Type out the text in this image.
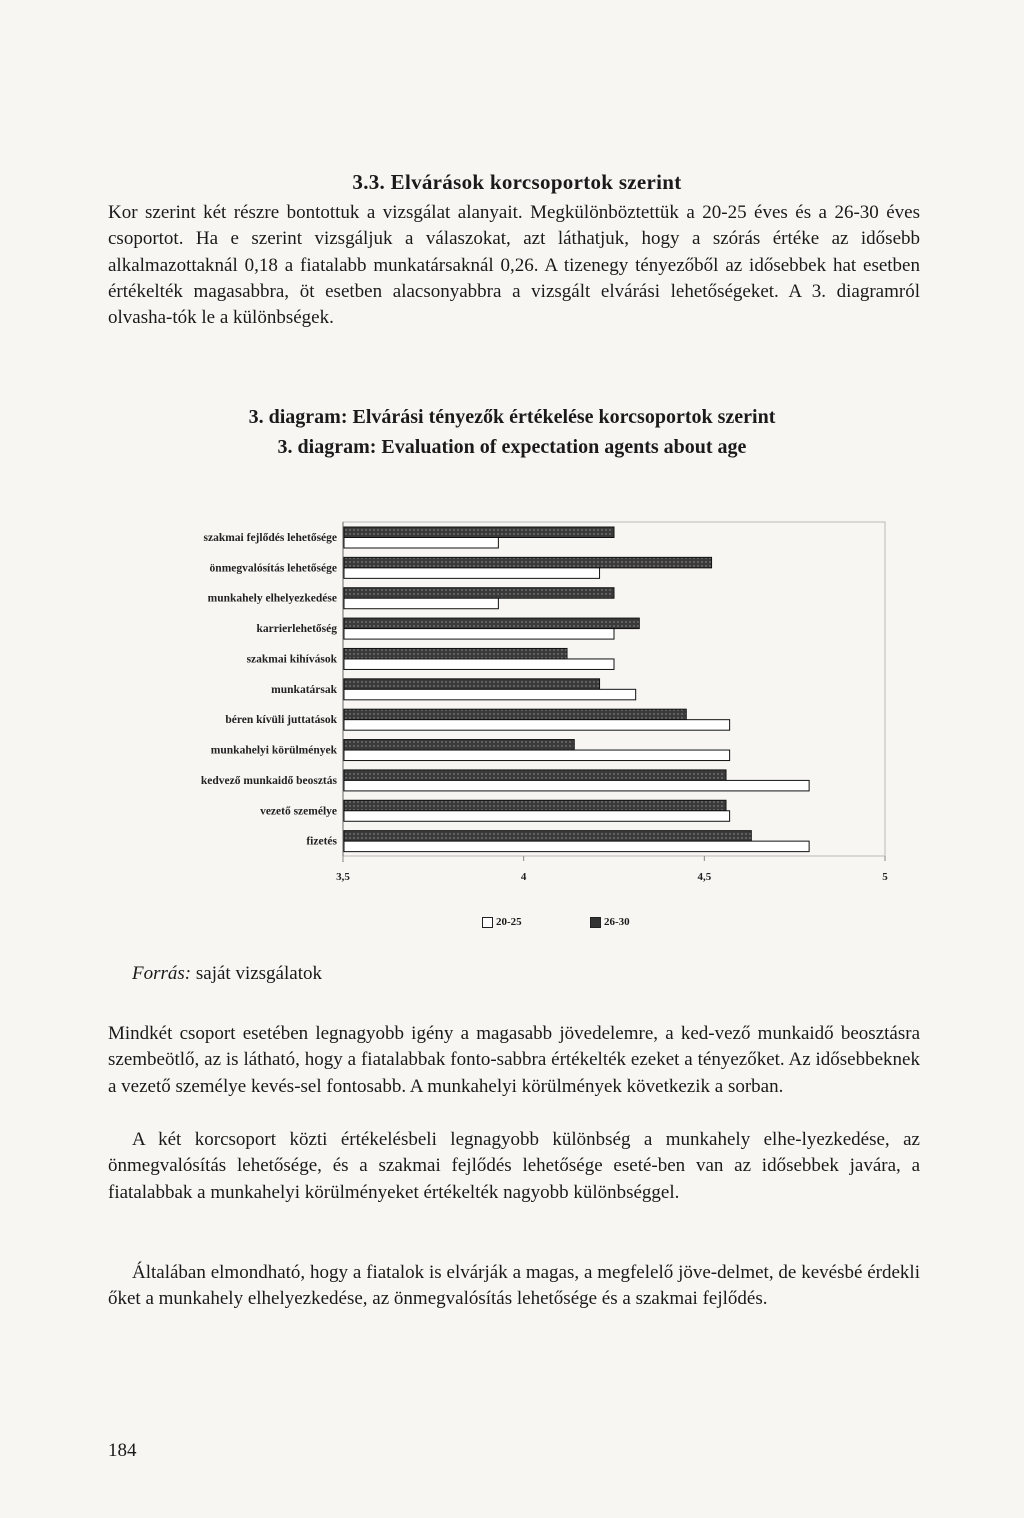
3.3. Elvárások korcsoportok szerint

Kor szerint két részre bontottuk a vizsgálat alanyait. Megkülönböztettük a 20-25 éves és a 26-30 éves csoportot. Ha e szerint vizsgáljuk a válaszokat, azt láthatjuk, hogy a szórás értéke az idősebb alkalmazottaknál 0,18 a fiatalabb munkatársaknál 0,26. A tizenegy tényezőből az idősebbek hat esetben értékelték magasabbra, öt esetben alacsonyabbra a vizsgált elvárási lehetőségeket. A 3. diagramról olvasha-tók le a különbségek.

3. diagram: Elvárási tényezők értékelése korcsoportok szerint
3. diagram: Evaluation of expectation agents about age
3,5	4	4,5	5
szakmai fejlődés lehetősége
önmegvalósítás lehetősége
munkahely elhelyezkedése
karrierlehetőség
szakmai kihívások
munkatársak
béren kívüli juttatások
munkahelyi körülmények
kedvező munkaidő beosztás
vezető személye
fizetés
20-25	26-30
Forrás: saját vizsgálatok

Mindkét csoport esetében legnagyobb igény a magasabb jövedelemre, a ked-vező munkaidő beosztásra szembeötlő, az is látható, hogy a fiatalabbak fonto-sabbra értékelték ezeket a tényezőket. Az idősebbeknek a vezető személye kevés-sel fontosabb. A munkahelyi körülmények következik a sorban.

A két korcsoport közti értékelésbeli legnagyobb különbség a munkahely elhe-lyezkedése, az önmegvalósítás lehetősége, és a szakmai fejlődés lehetősége eseté-ben van az idősebbek javára, a fiatalabbak a munkahelyi körülményeket értékelték nagyobb különbséggel.

Általában elmondható, hogy a fiatalok is elvárják a magas, a megfelelő jöve-delmet, de kevésbé érdekli őket a munkahely elhelyezkedése, az önmegvalósítás lehetősége és a szakmai fejlődés.

184
